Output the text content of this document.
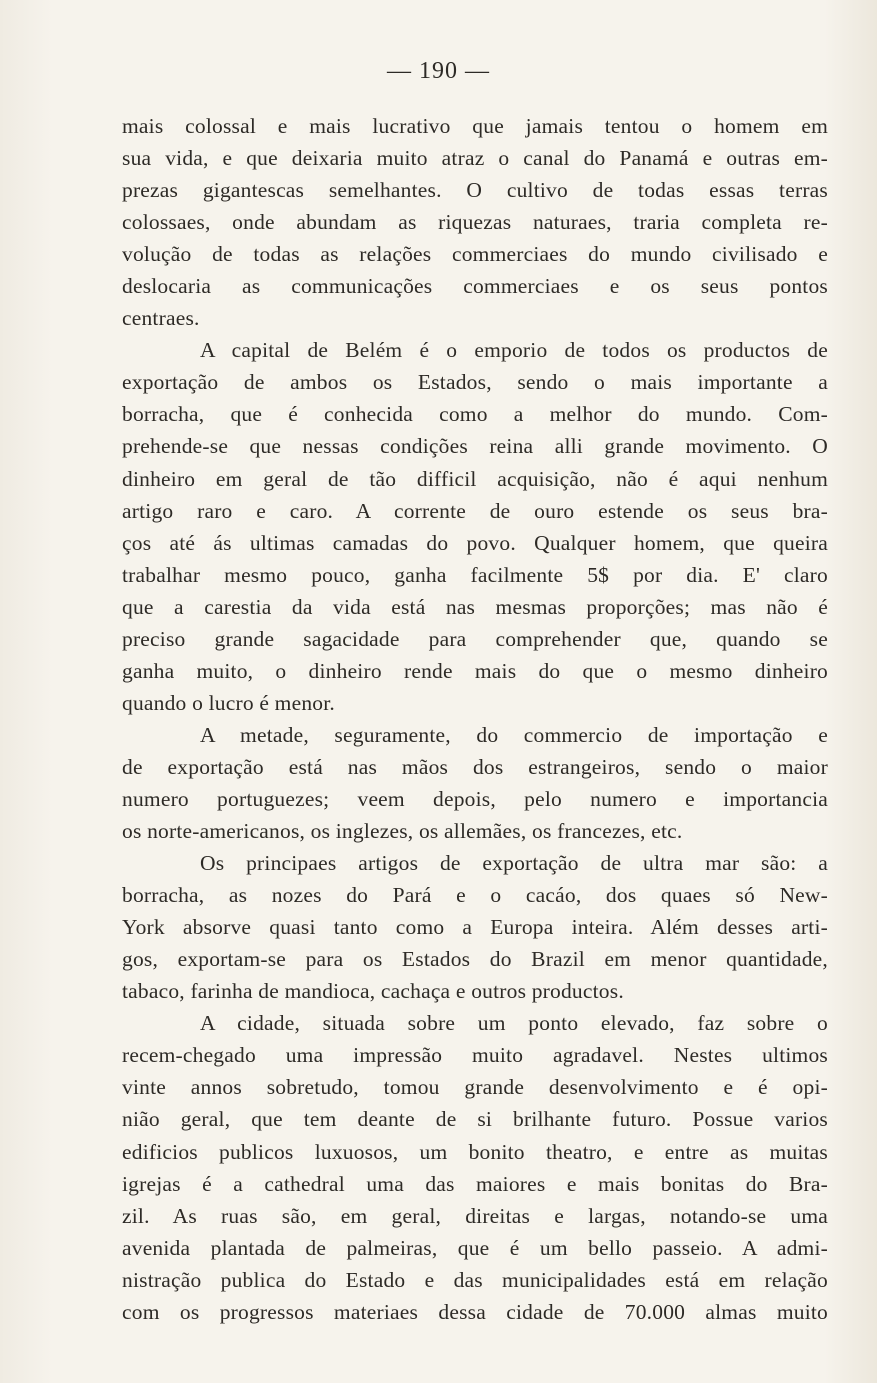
— 190 —
mais colossal e mais lucrativo que jamais tentou o homem em
sua vida, e que deixaria muito atraz o canal do Panamá e outras em-
prezas gigantescas semelhantes. O cultivo de todas essas terras
colossaes, onde abundam as riquezas naturaes, traria completa re-
volução de todas as relações commerciaes do mundo civilisado e
deslocaria as communicações commerciaes e os seus pontos
centraes.
A capital de Belém é o emporio de todos os productos de
exportação de ambos os Estados, sendo o mais importante a
borracha, que é conhecida como a melhor do mundo. Com-
prehende-se que nessas condições reina alli grande movimento. O
dinheiro em geral de tão difficil acquisição, não é aqui nenhum
artigo raro e caro. A corrente de ouro estende os seus bra-
ços até ás ultimas camadas do povo. Qualquer homem, que queira
trabalhar mesmo pouco, ganha facilmente 5$ por dia. E' claro
que a carestia da vida está nas mesmas proporções; mas não é
preciso grande sagacidade para comprehender que, quando se
ganha muito, o dinheiro rende mais do que o mesmo dinheiro
quando o lucro é menor.
A metade, seguramente, do commercio de importação e
de exportação está nas mãos dos estrangeiros, sendo o maior
numero portuguezes; veem depois, pelo numero e importancia
os norte-americanos, os inglezes, os allemães, os francezes, etc.
Os principaes artigos de exportação de ultra mar são: a
borracha, as nozes do Pará e o cacáo, dos quaes só New-
York absorve quasi tanto como a Europa inteira. Além desses arti-
gos, exportam-se para os Estados do Brazil em menor quantidade,
tabaco, farinha de mandioca, cachaça e outros productos.
A cidade, situada sobre um ponto elevado, faz sobre o
recem-chegado uma impressão muito agradavel. Nestes ultimos
vinte annos sobretudo, tomou grande desenvolvimento e é opi-
nião geral, que tem deante de si brilhante futuro. Possue varios
edificios publicos luxuosos, um bonito theatro, e entre as muitas
igrejas é a cathedral uma das maiores e mais bonitas do Bra-
zil. As ruas são, em geral, direitas e largas, notando-se uma
avenida plantada de palmeiras, que é um bello passeio. A admi-
nistração publica do Estado e das municipalidades está em relação
com os progressos materiaes dessa cidade de 70.000 almas muito
